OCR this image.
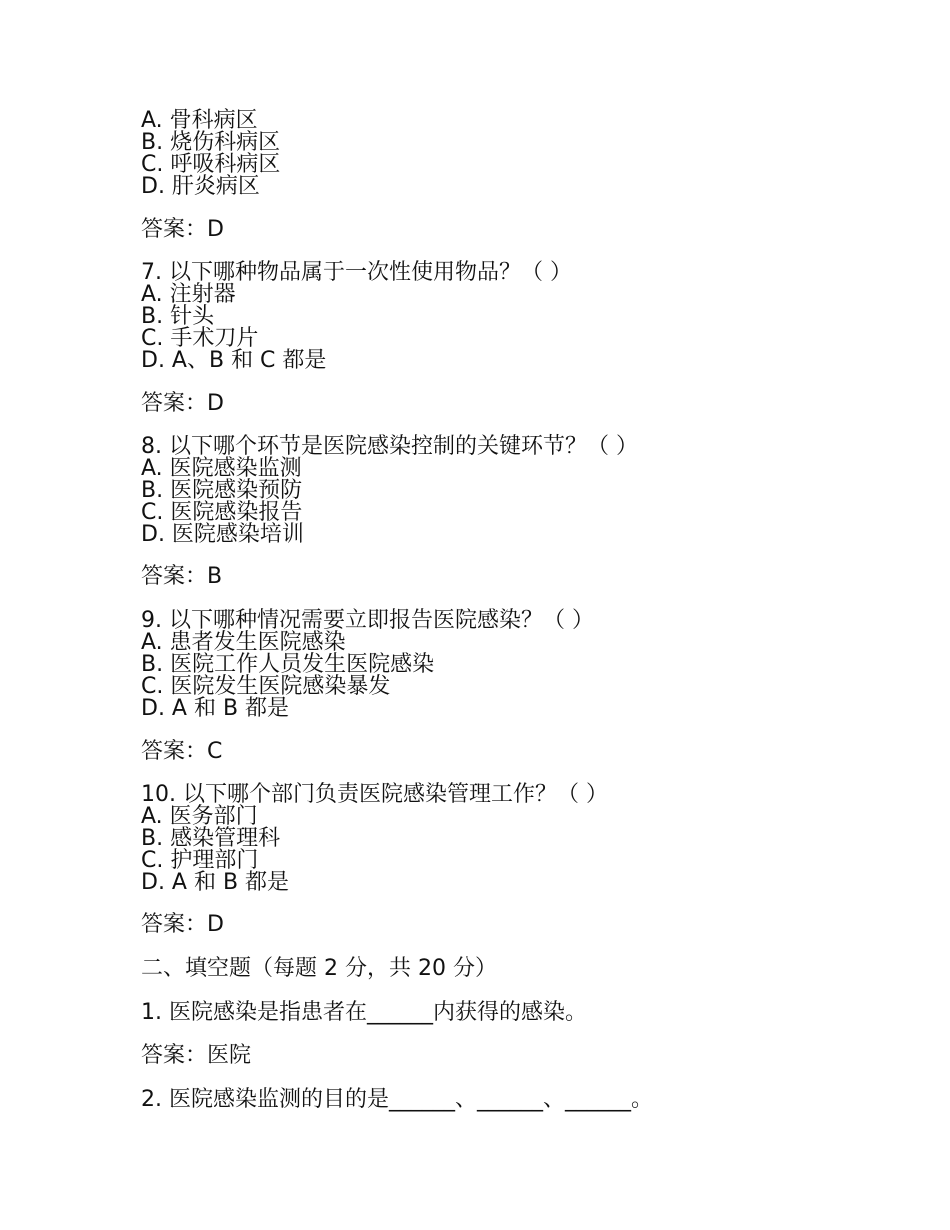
A. 骨科病区
B. 烧伤科病区
C. 呼吸科病区
D. 肝炎病区
答案：D
7. 以下哪种物品属于一次性使用物品？（ ）
A. 注射器
B. 针头
C. 手术刀片
D. A、B 和 C 都是
答案：D
8. 以下哪个环节是医院感染控制的关键环节？（ ）
A. 医院感染监测
B. 医院感染预防
C. 医院感染报告
D. 医院感染培训
答案：B
9. 以下哪种情况需要立即报告医院感染？（ ）
A. 患者发生医院感染
B. 医院工作人员发生医院感染
C. 医院发生医院感染暴发
D. A 和 B 都是
答案：C
10. 以下哪个部门负责医院感染管理工作？（ ）
A. 医务部门
B. 感染管理科
C. 护理部门
D. A 和 B 都是
答案：D
二、填空题（每题 2 分，共 20 分）
1. 医院感染是指患者在______内获得的感染。
答案：医院
2. 医院感染监测的目的是______、______、______。
